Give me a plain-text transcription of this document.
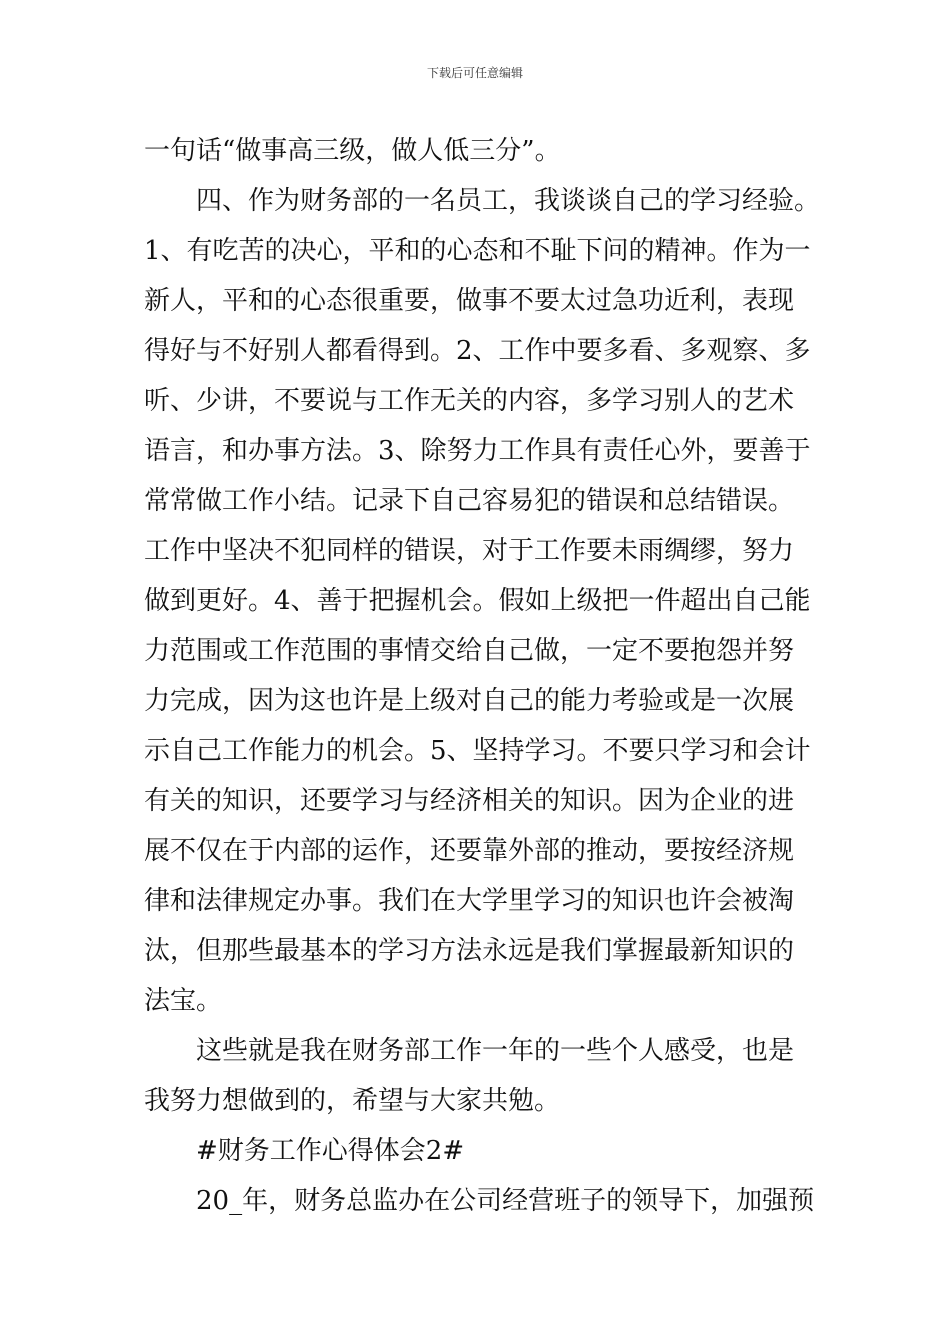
下载后可任意编辑
一句话“做事高三级，做人低三分”。
四、作为财务部的一名员工，我谈谈自己的学习经验。
1、有吃苦的决心，平和的心态和不耻下问的精神。作为一
新人，平和的心态很重要，做事不要太过急功近利，表现
得好与不好别人都看得到。2、工作中要多看、多观察、多
听、少讲，不要说与工作无关的内容，多学习别人的艺术
语言，和办事方法。3、除努力工作具有责任心外，要善于
常常做工作小结。记录下自己容易犯的错误和总结错误。
工作中坚决不犯同样的错误，对于工作要未雨绸缪，努力
做到更好。4、善于把握机会。假如上级把一件超出自己能
力范围或工作范围的事情交给自己做，一定不要抱怨并努
力完成，因为这也许是上级对自己的能力考验或是一次展
示自己工作能力的机会。5、坚持学习。不要只学习和会计
有关的知识，还要学习与经济相关的知识。因为企业的进
展不仅在于内部的运作，还要靠外部的推动，要按经济规
律和法律规定办事。我们在大学里学习的知识也许会被淘
汰，但那些最基本的学习方法永远是我们掌握最新知识的
法宝。
这些就是我在财务部工作一年的一些个人感受，也是
我努力想做到的，希望与大家共勉。
#财务工作心得体会2#
20_年，财务总监办在公司经营班子的领导下，加强预
